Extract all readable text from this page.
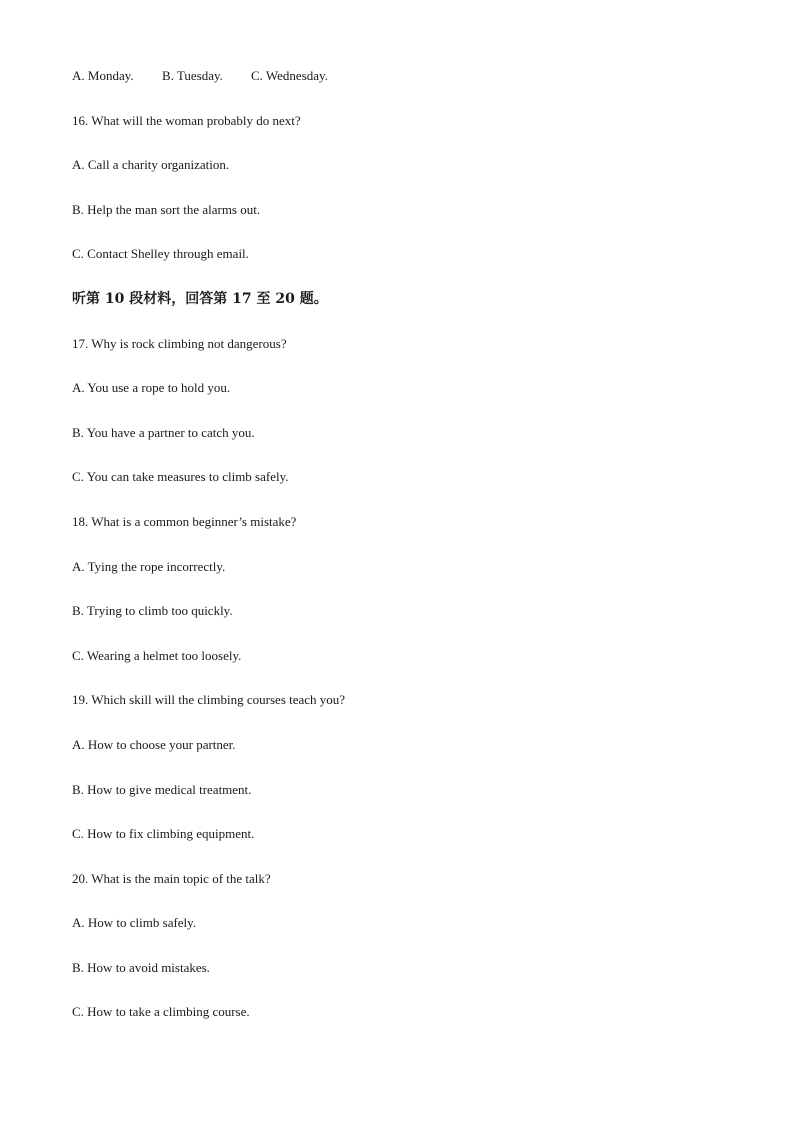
A. Monday. B. Tuesday. C. Wednesday.
16. What will the woman probably do next?
A. Call a charity organization.
B. Help the man sort the alarms out.
C. Contact Shelley through email.
听第 10 段材料，回答第 17 至 20 题。
17. Why is rock climbing not dangerous?
A. You use a rope to hold you.
B. You have a partner to catch you.
C. You can take measures to climb safely.
18. What is a common beginner’s mistake?
A. Tying the rope incorrectly.
B. Trying to climb too quickly.
C. Wearing a helmet too loosely.
19. Which skill will the climbing courses teach you?
A. How to choose your partner.
B. How to give medical treatment.
C. How to fix climbing equipment.
20. What is the main topic of the talk?
A. How to climb safely.
B. How to avoid mistakes.
C. How to take a climbing course.
